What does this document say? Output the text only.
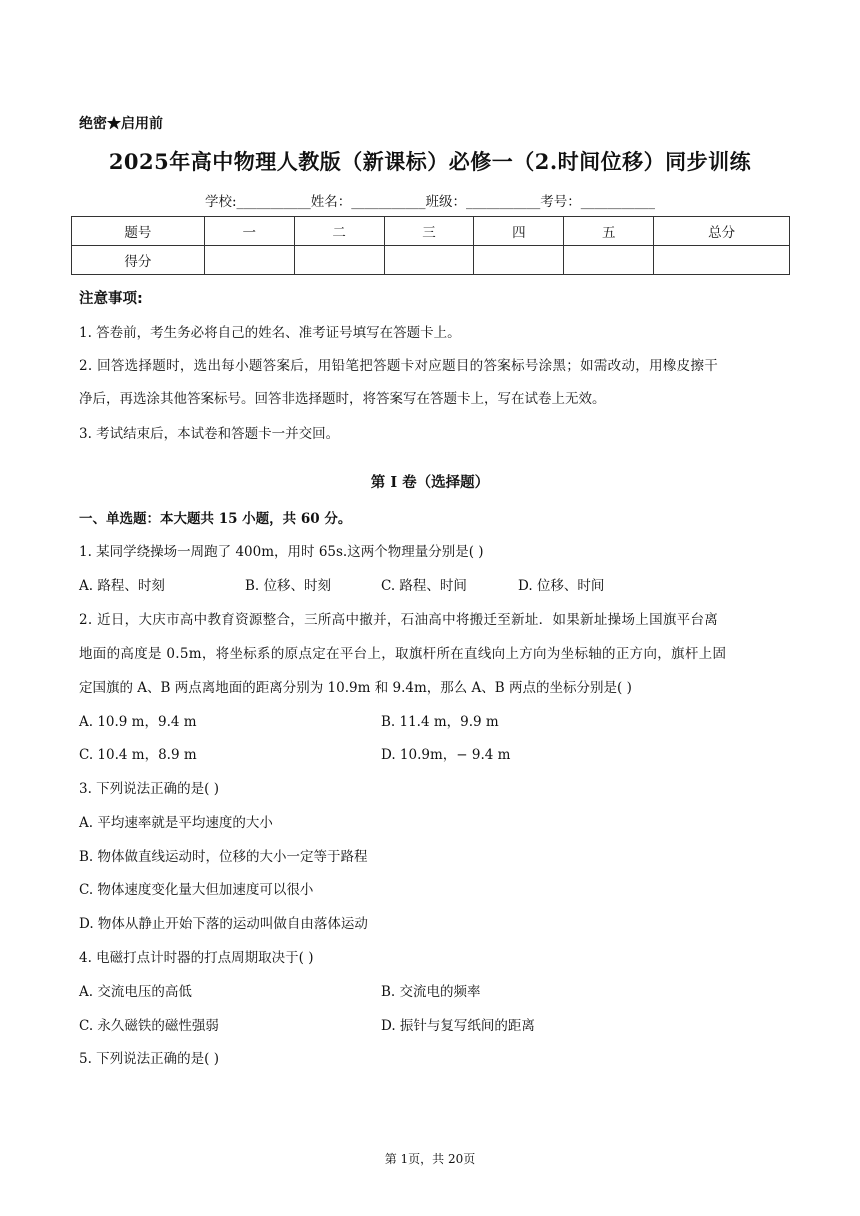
绝密★启用前
2025年高中物理人教版（新课标）必修一（2.时间位移）同步训练
学校:___________姓名：___________班级：___________考号：___________
题号	一	二	三	四	五	总分
得分						
注意事项:
1. 答卷前，考生务必将自己的姓名、准考证号填写在答题卡上。
2. 回答选择题时，选出每小题答案后，用铅笔把答题卡对应题目的答案标号涂黑；如需改动，用橡皮擦干
净后，再选涂其他答案标号。回答非选择题时，将答案写在答题卡上，写在试卷上无效。
3. 考试结束后，本试卷和答题卡一并交回。
第 I 卷（选择题）
一、单选题：本大题共 15 小题，共 60 分。
1. 某同学绕操场一周跑了 400m，用时 65s.这两个物理量分别是( )
A. 路程、时刻	B. 位移、时刻	C. 路程、时间	D. 位移、时间
2. 近日，大庆市高中教育资源整合，三所高中撤并，石油高中将搬迁至新址．如果新址操场上国旗平台离
地面的高度是 0.5m，将坐标系的原点定在平台上，取旗杆所在直线向上方向为坐标轴的正方向，旗杆上固
定国旗的 A、B 两点离地面的距离分别为 10.9m 和 9.4m，那么 A、B 两点的坐标分别是( )
A. 10.9 m，9.4 m	B. 11.4 m，9.9 m
C. 10.4 m，8.9 m	D. 10.9m，− 9.4 m
3. 下列说法正确的是( )
A. 平均速率就是平均速度的大小
B. 物体做直线运动时，位移的大小一定等于路程
C. 物体速度变化量大但加速度可以很小
D. 物体从静止开始下落的运动叫做自由落体运动
4. 电磁打点计时器的打点周期取决于( )
A. 交流电压的高低	B. 交流电的频率
C. 永久磁铁的磁性强弱	D. 振针与复写纸间的距离
5. 下列说法正确的是( )
第 1页，共 20页
